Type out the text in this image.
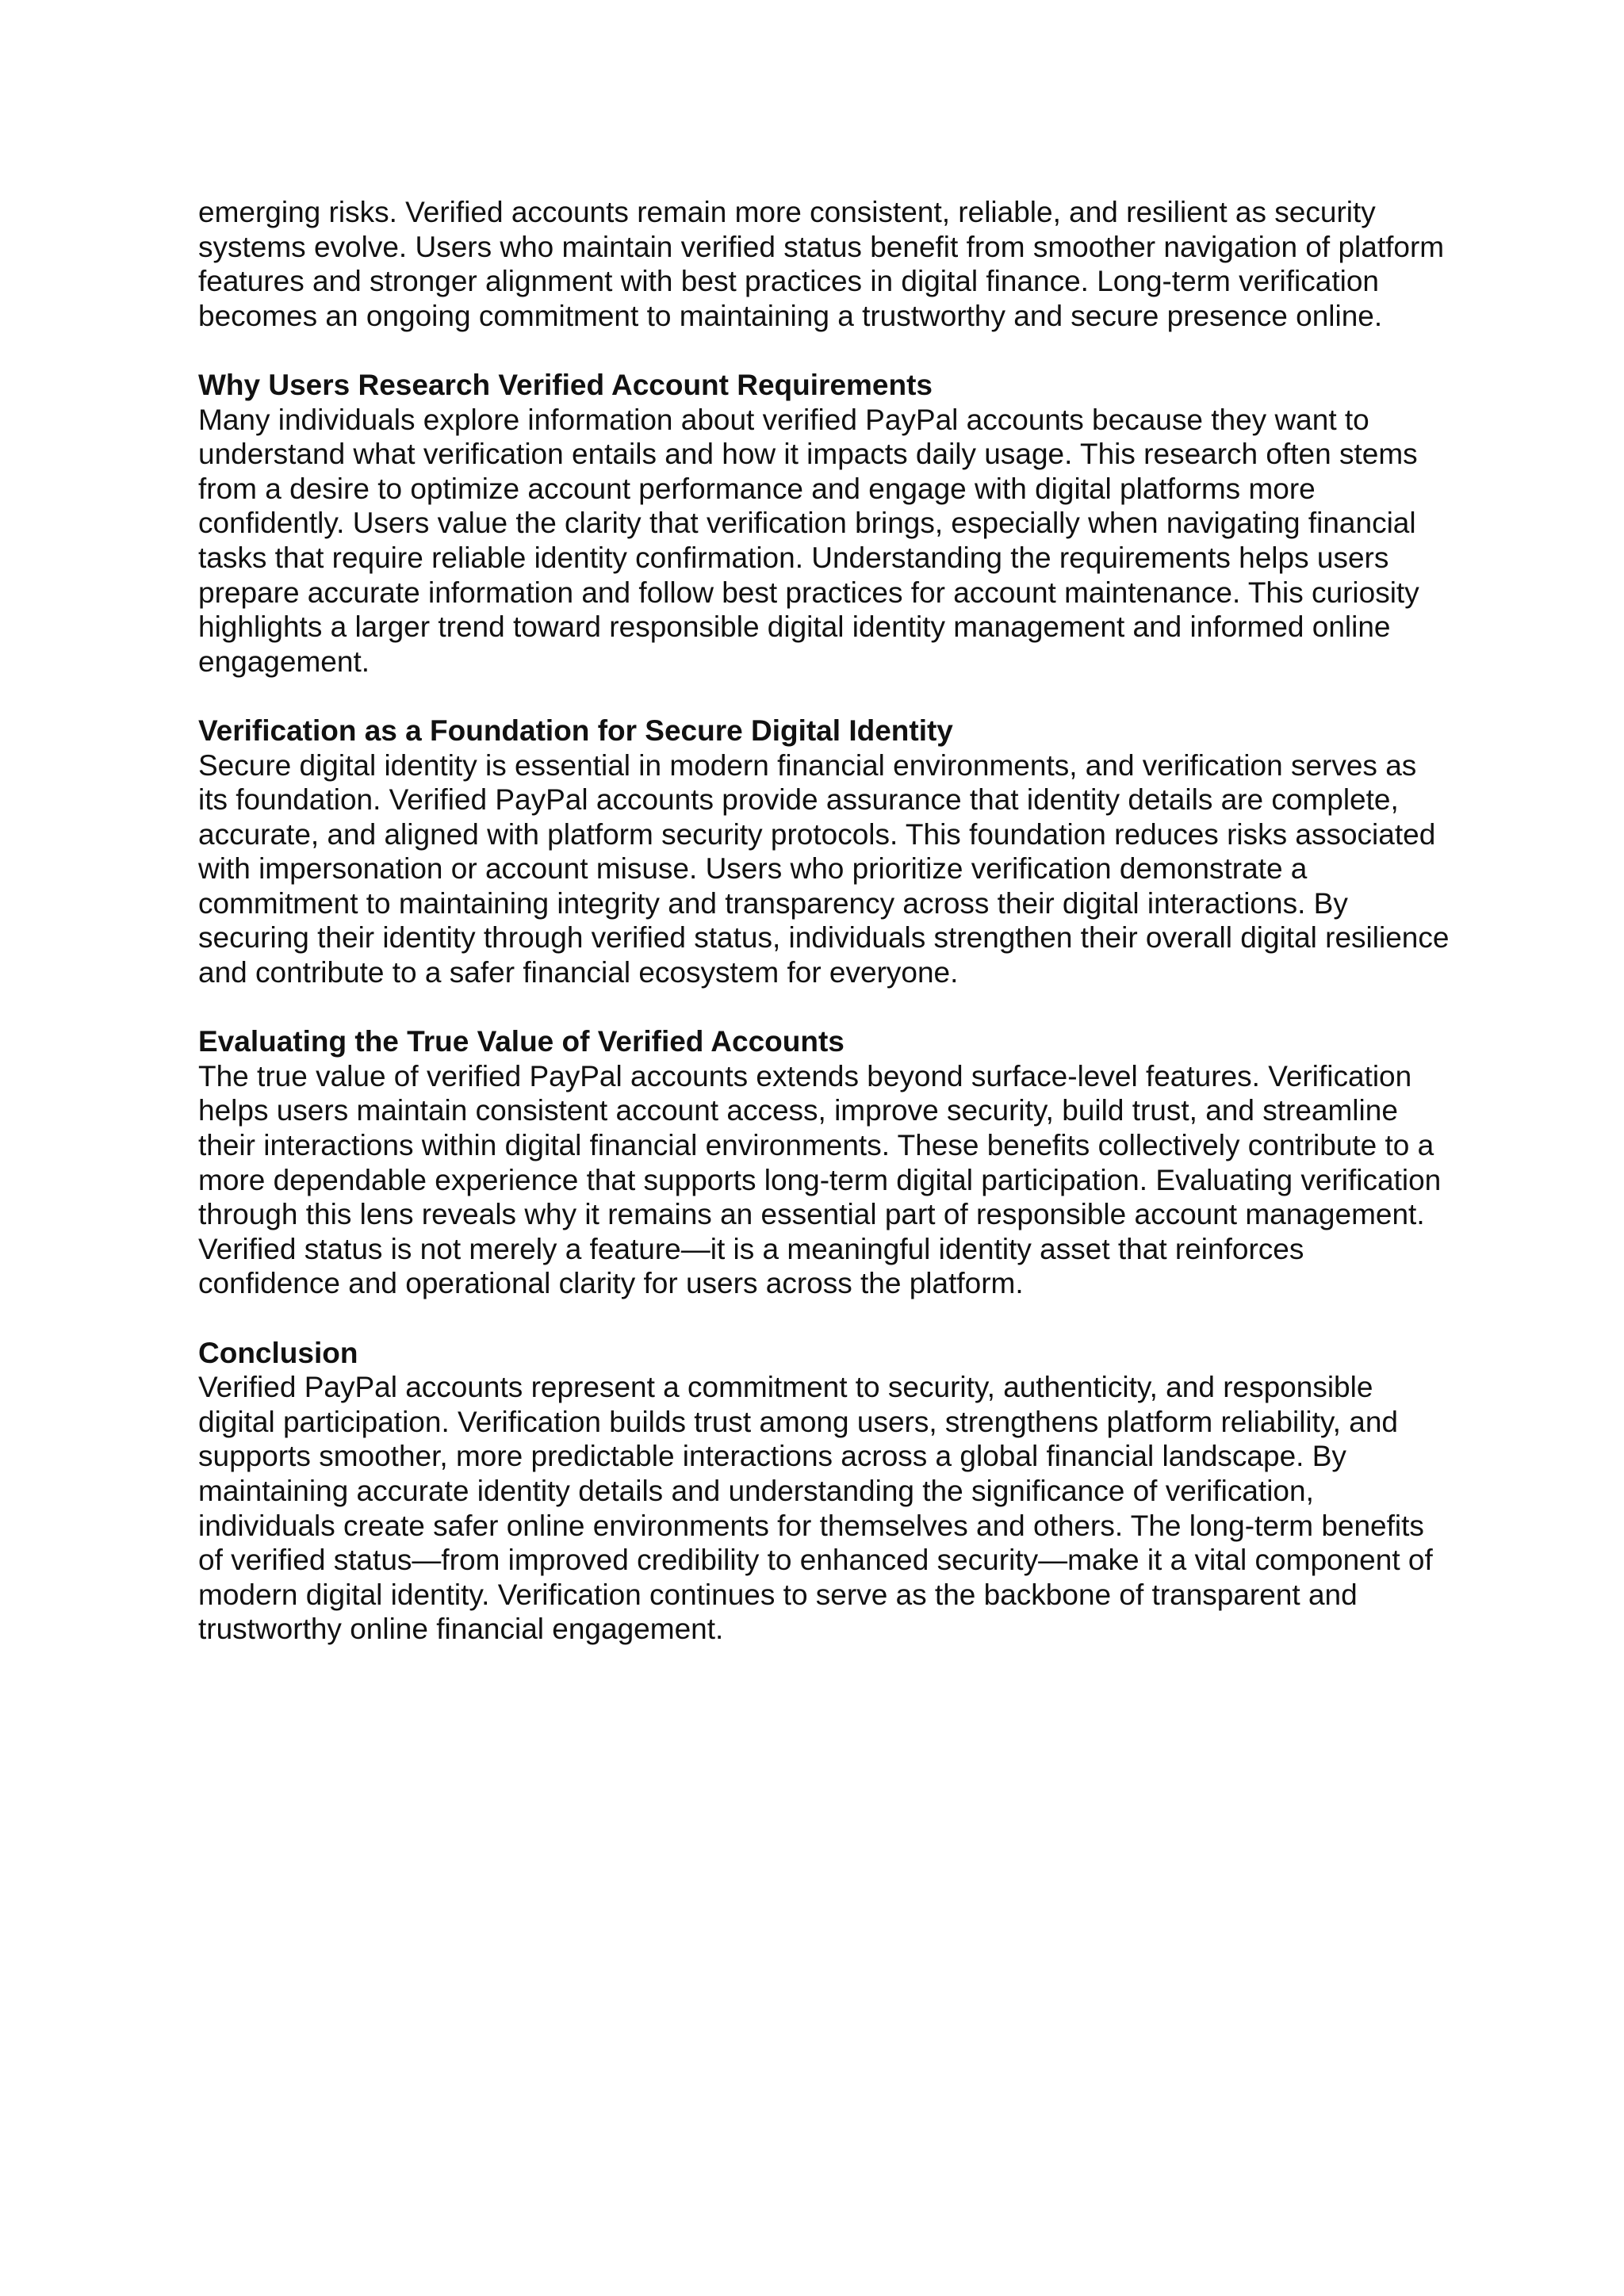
emerging risks. Verified accounts remain more consistent, reliable, and resilient as security systems evolve. Users who maintain verified status benefit from smoother navigation of platform features and stronger alignment with best practices in digital finance. Long-term verification becomes an ongoing commitment to maintaining a trustworthy and secure presence online.

Why Users Research Verified Account Requirements

Many individuals explore information about verified PayPal accounts because they want to understand what verification entails and how it impacts daily usage. This research often stems from a desire to optimize account performance and engage with digital platforms more confidently. Users value the clarity that verification brings, especially when navigating financial tasks that require reliable identity confirmation. Understanding the requirements helps users prepare accurate information and follow best practices for account maintenance. This curiosity highlights a larger trend toward responsible digital identity management and informed online engagement.

Verification as a Foundation for Secure Digital Identity

Secure digital identity is essential in modern financial environments, and verification serves as its foundation. Verified PayPal accounts provide assurance that identity details are complete, accurate, and aligned with platform security protocols. This foundation reduces risks associated with impersonation or account misuse. Users who prioritize verification demonstrate a commitment to maintaining integrity and transparency across their digital interactions. By securing their identity through verified status, individuals strengthen their overall digital resilience and contribute to a safer financial ecosystem for everyone.

Evaluating the True Value of Verified Accounts

The true value of verified PayPal accounts extends beyond surface-level features. Verification helps users maintain consistent account access, improve security, build trust, and streamline their interactions within digital financial environments. These benefits collectively contribute to a more dependable experience that supports long-term digital participation. Evaluating verification through this lens reveals why it remains an essential part of responsible account management. Verified status is not merely a feature—it is a meaningful identity asset that reinforces confidence and operational clarity for users across the platform.

Conclusion

Verified PayPal accounts represent a commitment to security, authenticity, and responsible digital participation. Verification builds trust among users, strengthens platform reliability, and supports smoother, more predictable interactions across a global financial landscape. By maintaining accurate identity details and understanding the significance of verification, individuals create safer online environments for themselves and others. The long-term benefits of verified status—from improved credibility to enhanced security—make it a vital component of modern digital identity. Verification continues to serve as the backbone of transparent and trustworthy online financial engagement.
